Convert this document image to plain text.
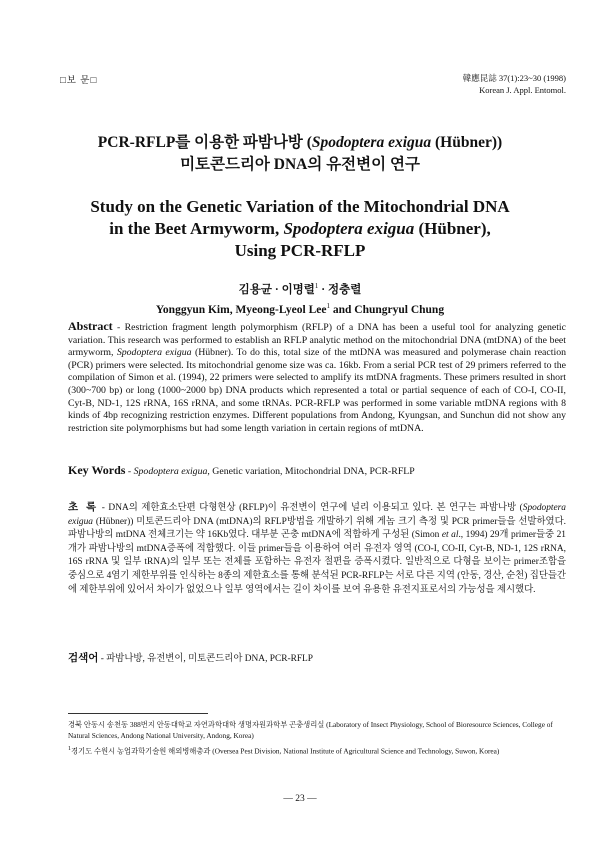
□보 문□	韓應昆誌 37(1):23~30 (1998)
Korean J. Appl. Entomol.
PCR-RFLP를 이용한 파밤나방 (Spodoptera exigua (Hübner))
미토콘드리아 DNA의 유전변이 연구
Study on the Genetic Variation of the Mitochondrial DNA
in the Beet Armyworm, Spodoptera exigua (Hübner),
Using PCR-RFLP
김용균 · 이명렬$^1$ · 정충렬
Yonggyun Kim, Myeong-Lyeol Lee$^1$ and Chungryul Chung
Abstract - Restriction fragment length polymorphism (RFLP) of a DNA has been a useful tool for analyzing genetic variation. This research was performed to establish an RFLP analytic method on the mitochondrial DNA (mtDNA) of the beet armyworm, Spodoptera exigua (Hübner). To do this, total size of the mtDNA was measured and polymerase chain reaction (PCR) primers were selected. Its mitochondrial genome size was ca. 16kb. From a serial PCR test of 29 primers referred to the compilation of Simon et al. (1994), 22 primers were selected to amplify its mtDNA fragments. These primers resulted in short (300~700 bp) or long (1000~2000 bp) DNA products which represented a total or partial sequence of each of CO-I, CO-II, Cyt-B, ND-1, 12S rRNA, 16S rRNA, and some tRNAs. PCR-RFLP was performed in some variable mtDNA regions with 8 kinds of 4bp recognizing restriction enzymes. Different populations from Andong, Kyungsan, and Sunchun did not show any restriction site polymorphisms but had some length variation in certain regions of mtDNA.
Key Words - Spodoptera exigua, Genetic variation, Mitochondrial DNA, PCR-RFLP
초 록 - DNA의 제한효소단편 다형현상 (RFLP)이 유전변이 연구에 널리 이용되고 있다. 본 연구는 파밤나방 (Spodoptera exigua (Hübner)) 미토콘드리아 DNA (mtDNA)의 RFLP방법을 개발하기 위해 게놈 크기 측정 및 PCR primer들을 선발하였다. 파밤나방의 mtDNA 전체크기는 약 16Kb였다. 대부분 곤충 mtDNA에 적합하게 구성된 (Simon et al., 1994) 29개 primer들중 21개가 파밤나방의 mtDNA증폭에 적합했다. 이들 primer들을 이용하여 여러 유전자 영역 (CO-I, CO-II, Cyt-B, ND-1, 12S rRNA, 16S rRNA 및 일부 tRNA)의 일부 또는 전체를 포함하는 유전자 절편을 증폭시켰다. 일반적으로 다형을 보이는 primer조합을 중심으로 4염기 제한부위를 인식하는 8종의 제한효소를 통해 분석된 PCR-RFLP는 서로 다른 지역 (안동, 경산, 순천) 집단들간에 제한부위에 있어서 차이가 없었으나 일부 영역에서는 길이 차이를 보여 유용한 유전지표로서의 가능성을 제시했다.
검색어 - 파밤나방, 유전변이, 미토콘드리아 DNA, PCR-RFLP
경북 안동시 송천동 388번지 안동대학교 자연과학대학 생명자원과학부 곤충생리실 (Laboratory of Insect Physiology, School of Bioresource Sciences, College of Natural Sciences, Andong National University, Andong, Korea)
$^1$경기도 수원시 농업과학기술원 해외병해충과 (Oversea Pest Division, National Institute of Agricultural Science and Technology, Suwon, Korea)
— 23 —
